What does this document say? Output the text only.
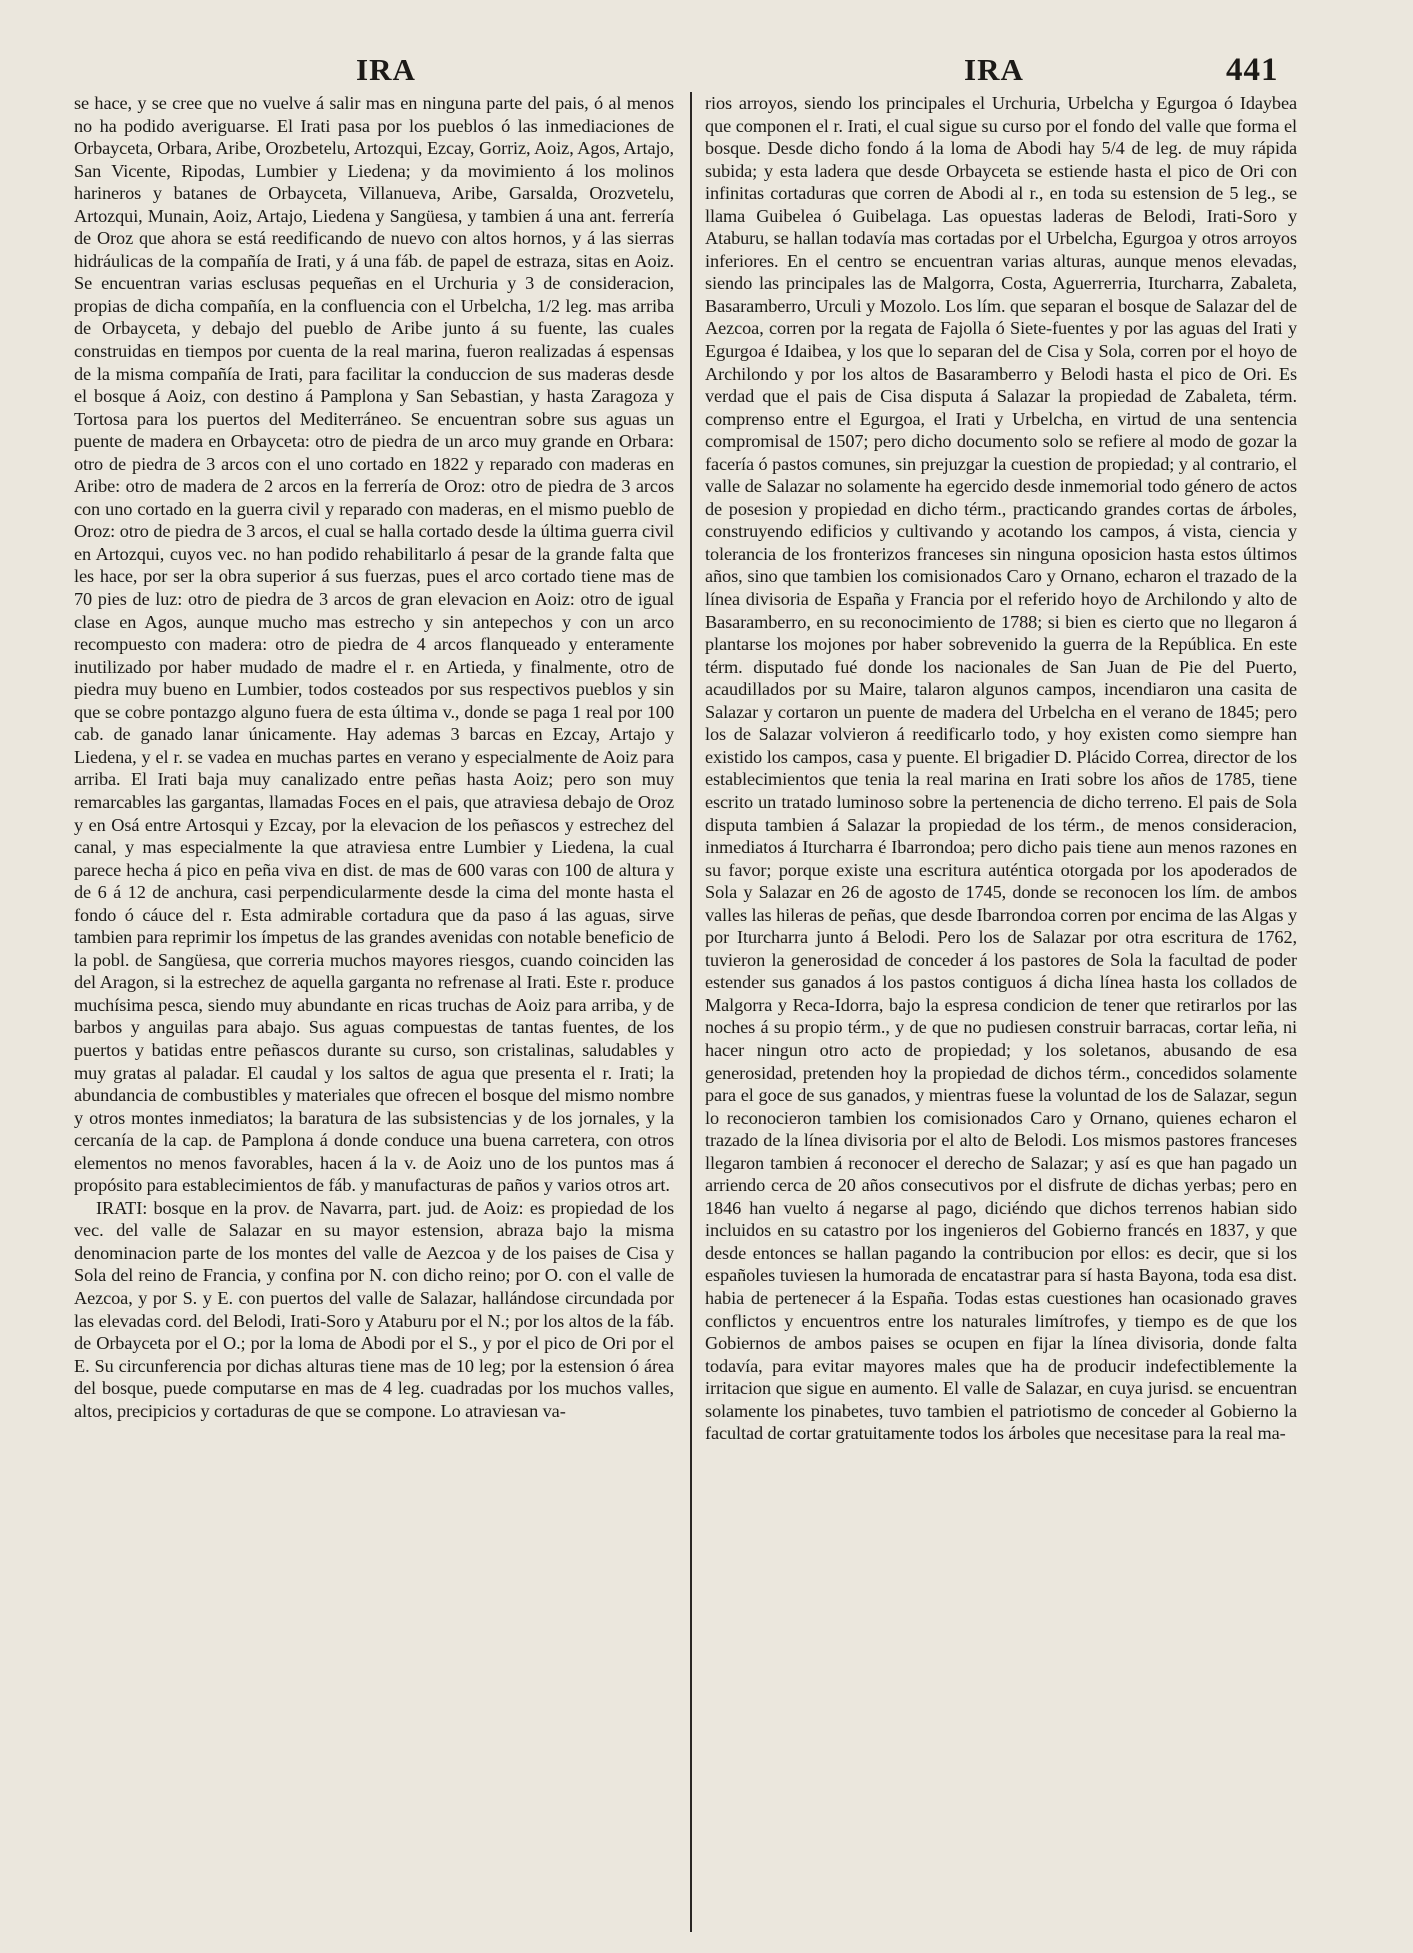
IRA	IRA	441

se hace, y se cree que no vuelve á salir mas en ninguna parte del pais, ó al menos no ha podido averiguarse. El Irati pasa por los pueblos ó las inmediaciones de Orbayceta, Orbara, Aribe, Orozbetelu, Artozqui, Ezcay, Gorriz, Aoiz, Agos, Artajo, San Vicente, Ripodas, Lumbier y Liedena; y da movimiento á los molinos harineros y batanes de Orbayceta, Villanueva, Aribe, Garsalda, Orozvetelu, Artozqui, Munain, Aoiz, Artajo, Liedena y Sangüesa, y tambien á una ant. ferrería de Oroz que ahora se está reedificando de nuevo con altos hornos, y á las sierras hidráulicas de la compañía de Irati, y á una fáb. de papel de estraza, sitas en Aoiz. Se encuentran varias esclusas pequeñas en el Urchuria y 3 de consideracion, propias de dicha compañía, en la confluencia con el Urbelcha, 1/2 leg. mas arriba de Orbayceta, y debajo del pueblo de Aribe junto á su fuente, las cuales construidas en tiempos por cuenta de la real marina, fueron realizadas á espensas de la misma compañía de Irati, para facilitar la conduccion de sus maderas desde el bosque á Aoiz, con destino á Pamplona y San Sebastian, y hasta Zaragoza y Tortosa para los puertos del Mediterráneo. Se encuentran sobre sus aguas un puente de madera en Orbayceta: otro de piedra de un arco muy grande en Orbara: otro de piedra de 3 arcos con el uno cortado en 1822 y reparado con maderas en Aribe: otro de madera de 2 arcos en la ferrería de Oroz: otro de piedra de 3 arcos con uno cortado en la guerra civil y reparado con maderas, en el mismo pueblo de Oroz: otro de piedra de 3 arcos, el cual se halla cortado desde la última guerra civil en Artozqui, cuyos vec. no han podido rehabilitarlo á pesar de la grande falta que les hace, por ser la obra superior á sus fuerzas, pues el arco cortado tiene mas de 70 pies de luz: otro de piedra de 3 arcos de gran elevacion en Aoiz: otro de igual clase en Agos, aunque mucho mas estrecho y sin antepechos y con un arco recompuesto con madera: otro de piedra de 4 arcos flanqueado y enteramente inutilizado por haber mudado de madre el r. en Artieda, y finalmente, otro de piedra muy bueno en Lumbier, todos costeados por sus respectivos pueblos y sin que se cobre pontazgo alguno fuera de esta última v., donde se paga 1 real por 100 cab. de ganado lanar únicamente. Hay ademas 3 barcas en Ezcay, Artajo y Liedena, y el r. se vadea en muchas partes en verano y especialmente de Aoiz para arriba. El Irati baja muy canalizado entre peñas hasta Aoiz; pero son muy remarcables las gargantas, llamadas Foces en el pais, que atraviesa debajo de Oroz y en Osá entre Artosqui y Ezcay, por la elevacion de los peñascos y estrechez del canal, y mas especialmente la que atraviesa entre Lumbier y Liedena, la cual parece hecha á pico en peña viva en dist. de mas de 600 varas con 100 de altura y de 6 á 12 de anchura, casi perpendicularmente desde la cima del monte hasta el fondo ó cáuce del r. Esta admirable cortadura que da paso á las aguas, sirve tambien para reprimir los ímpetus de las grandes avenidas con notable beneficio de la pobl. de Sangüesa, que correria muchos mayores riesgos, cuando coinciden las del Aragon, si la estrechez de aquella garganta no refrenase al Irati. Este r. produce muchísima pesca, siendo muy abundante en ricas truchas de Aoiz para arriba, y de barbos y anguilas para abajo. Sus aguas compuestas de tantas fuentes, de los puertos y batidas entre peñascos durante su curso, son cristalinas, saludables y muy gratas al paladar. El caudal y los saltos de agua que presenta el r. Irati; la abundancia de combustibles y materiales que ofrecen el bosque del mismo nombre y otros montes inmediatos; la baratura de las subsistencias y de los jornales, y la cercanía de la cap. de Pamplona á donde conduce una buena carretera, con otros elementos no menos favorables, hacen á la v. de Aoiz uno de los puntos mas á propósito para establecimientos de fáb. y manufacturas de paños y varios otros art.

IRATI: bosque en la prov. de Navarra, part. jud. de Aoiz: es propiedad de los vec. del valle de Salazar en su mayor estension, abraza bajo la misma denominacion parte de los montes del valle de Aezcoa y de los paises de Cisa y Sola del reino de Francia, y confina por N. con dicho reino; por O. con el valle de Aezcoa, y por S. y E. con puertos del valle de Salazar, hallándose circundada por las elevadas cord. del Belodi, Irati-Soro y Ataburu por el N.; por los altos de la fáb. de Orbayceta por el O.; por la loma de Abodi por el S., y por el pico de Ori por el E. Su circunferencia por dichas alturas tiene mas de 10 leg; por la estension ó área del bosque, puede computarse en mas de 4 leg. cuadradas por los muchos valles, altos, precipicios y cortaduras de que se compone. Lo atraviesan va-

rios arroyos, siendo los principales el Urchuria, Urbelcha y Egurgoa ó Idaybea que componen el r. Irati, el cual sigue su curso por el fondo del valle que forma el bosque. Desde dicho fondo á la loma de Abodi hay 5/4 de leg. de muy rápida subida; y esta ladera que desde Orbayceta se estiende hasta el pico de Ori con infinitas cortaduras que corren de Abodi al r., en toda su estension de 5 leg., se llama Guibelea ó Guibelaga. Las opuestas laderas de Belodi, Irati-Soro y Ataburu, se hallan todavía mas cortadas por el Urbelcha, Egurgoa y otros arroyos inferiores. En el centro se encuentran varias alturas, aunque menos elevadas, siendo las principales las de Malgorra, Costa, Aguerrerria, Iturcharra, Zabaleta, Basaramberro, Urculi y Mozolo. Los lím. que separan el bosque de Salazar del de Aezcoa, corren por la regata de Fajolla ó Siete-fuentes y por las aguas del Irati y Egurgoa é Idaibea, y los que lo separan del de Cisa y Sola, corren por el hoyo de Archilondo y por los altos de Basaramberro y Belodi hasta el pico de Ori. Es verdad que el pais de Cisa disputa á Salazar la propiedad de Zabaleta, térm. comprenso entre el Egurgoa, el Irati y Urbelcha, en virtud de una sentencia compromisal de 1507; pero dicho documento solo se refiere al modo de gozar la facería ó pastos comunes, sin prejuzgar la cuestion de propiedad; y al contrario, el valle de Salazar no solamente ha egercido desde inmemorial todo género de actos de posesion y propiedad en dicho térm., practicando grandes cortas de árboles, construyendo edificios y cultivando y acotando los campos, á vista, ciencia y tolerancia de los fronterizos franceses sin ninguna oposicion hasta estos últimos años, sino que tambien los comisionados Caro y Ornano, echaron el trazado de la línea divisoria de España y Francia por el referido hoyo de Archilondo y alto de Basaramberro, en su reconocimiento de 1788; si bien es cierto que no llegaron á plantarse los mojones por haber sobrevenido la guerra de la República. En este térm. disputado fué donde los nacionales de San Juan de Pie del Puerto, acaudillados por su Maire, talaron algunos campos, incendiaron una casita de Salazar y cortaron un puente de madera del Urbelcha en el verano de 1845; pero los de Salazar volvieron á reedificarlo todo, y hoy existen como siempre han existido los campos, casa y puente. El brigadier D. Plácido Correa, director de los establecimientos que tenia la real marina en Irati sobre los años de 1785, tiene escrito un tratado luminoso sobre la pertenencia de dicho terreno. El pais de Sola disputa tambien á Salazar la propiedad de los térm., de menos consideracion, inmediatos á Iturcharra é Ibarrondoa; pero dicho pais tiene aun menos razones en su favor; porque existe una escritura auténtica otorgada por los apoderados de Sola y Salazar en 26 de agosto de 1745, donde se reconocen los lím. de ambos valles las hileras de peñas, que desde Ibarrondoa corren por encima de las Algas y por Iturcharra junto á Belodi. Pero los de Salazar por otra escritura de 1762, tuvieron la generosidad de conceder á los pastores de Sola la facultad de poder estender sus ganados á los pastos contiguos á dicha línea hasta los collados de Malgorra y Reca-Idorra, bajo la espresa condicion de tener que retirarlos por las noches á su propio térm., y de que no pudiesen construir barracas, cortar leña, ni hacer ningun otro acto de propiedad; y los soletanos, abusando de esa generosidad, pretenden hoy la propiedad de dichos térm., concedidos solamente para el goce de sus ganados, y mientras fuese la voluntad de los de Salazar, segun lo reconocieron tambien los comisionados Caro y Ornano, quienes echaron el trazado de la línea divisoria por el alto de Belodi. Los mismos pastores franceses llegaron tambien á reconocer el derecho de Salazar; y así es que han pagado un arriendo cerca de 20 años consecutivos por el disfrute de dichas yerbas; pero en 1846 han vuelto á negarse al pago, diciéndo que dichos terrenos habian sido incluidos en su catastro por los ingenieros del Gobierno francés en 1837, y que desde entonces se hallan pagando la contribucion por ellos: es decir, que si los españoles tuviesen la humorada de encatastrar para sí hasta Bayona, toda esa dist. habia de pertenecer á la España. Todas estas cuestiones han ocasionado graves conflictos y encuentros entre los naturales limítrofes, y tiempo es de que los Gobiernos de ambos paises se ocupen en fijar la línea divisoria, donde falta todavía, para evitar mayores males que ha de producir indefectiblemente la irritacion que sigue en aumento. El valle de Salazar, en cuya jurisd. se encuentran solamente los pinabetes, tuvo tambien el patriotismo de conceder al Gobierno la facultad de cortar gratuitamente todos los árboles que necesitase para la real ma-
